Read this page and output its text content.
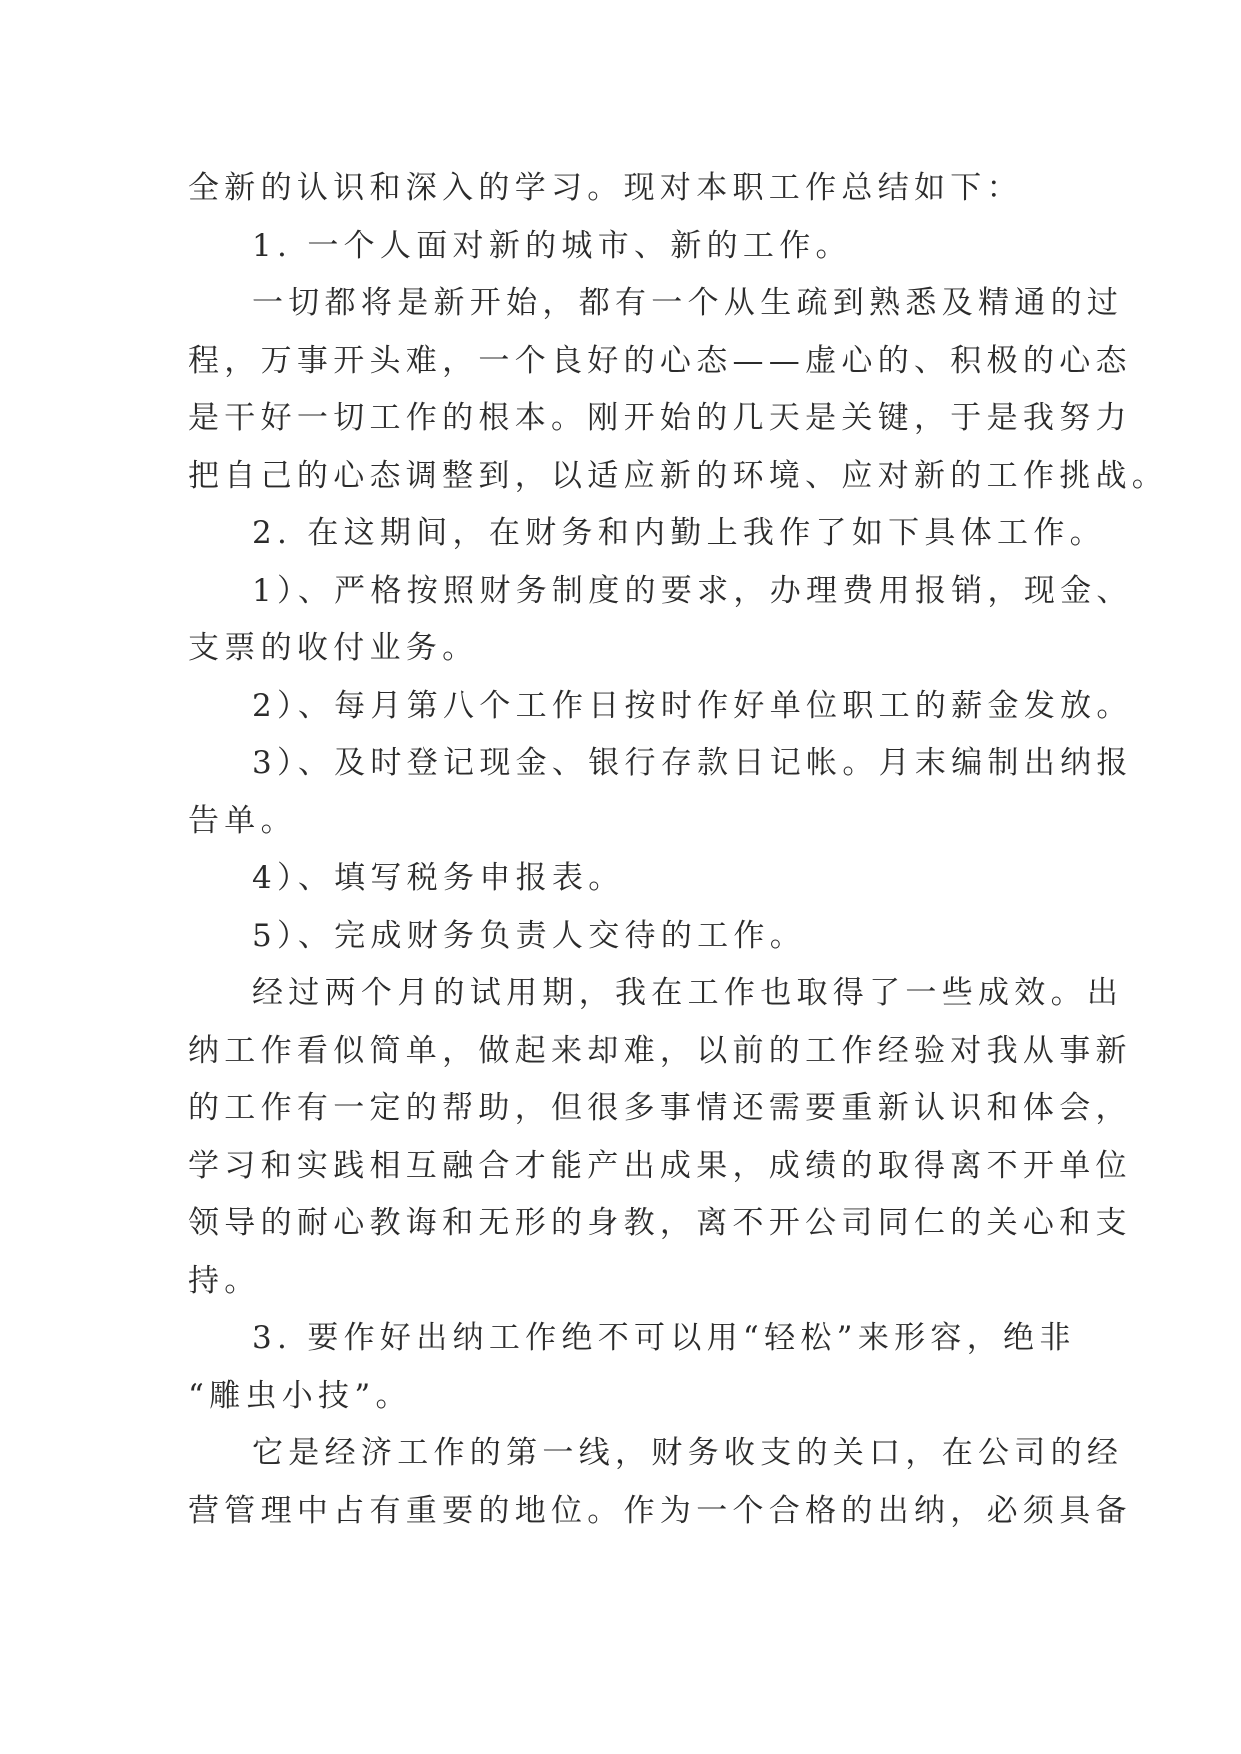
全新的认识和深入的学习。现对本职工作总结如下：
1. 一个人面对新的城市、新的工作。
一切都将是新开始，都有一个从生疏到熟悉及精通的过
程，万事开头难，一个良好的心态——虚心的、积极的心态
是干好一切工作的根本。刚开始的几天是关键，于是我努力
把自己的心态调整到，以适应新的环境、应对新的工作挑战。
2. 在这期间，在财务和内勤上我作了如下具体工作。
1）、严格按照财务制度的要求，办理费用报销，现金、
支票的收付业务。
2）、每月第八个工作日按时作好单位职工的薪金发放。
3）、及时登记现金、银行存款日记帐。月末编制出纳报
告单。
4）、填写税务申报表。
5）、完成财务负责人交待的工作。
经过两个月的试用期，我在工作也取得了一些成效。出
纳工作看似简单，做起来却难，以前的工作经验对我从事新
的工作有一定的帮助，但很多事情还需要重新认识和体会，
学习和实践相互融合才能产出成果，成绩的取得离不开单位
领导的耐心教诲和无形的身教，离不开公司同仁的关心和支
持。
3. 要作好出纳工作绝不可以用“轻松”来形容，绝非
“雕虫小技”。
它是经济工作的第一线，财务收支的关口，在公司的经
营管理中占有重要的地位。作为一个合格的出纳，必须具备
